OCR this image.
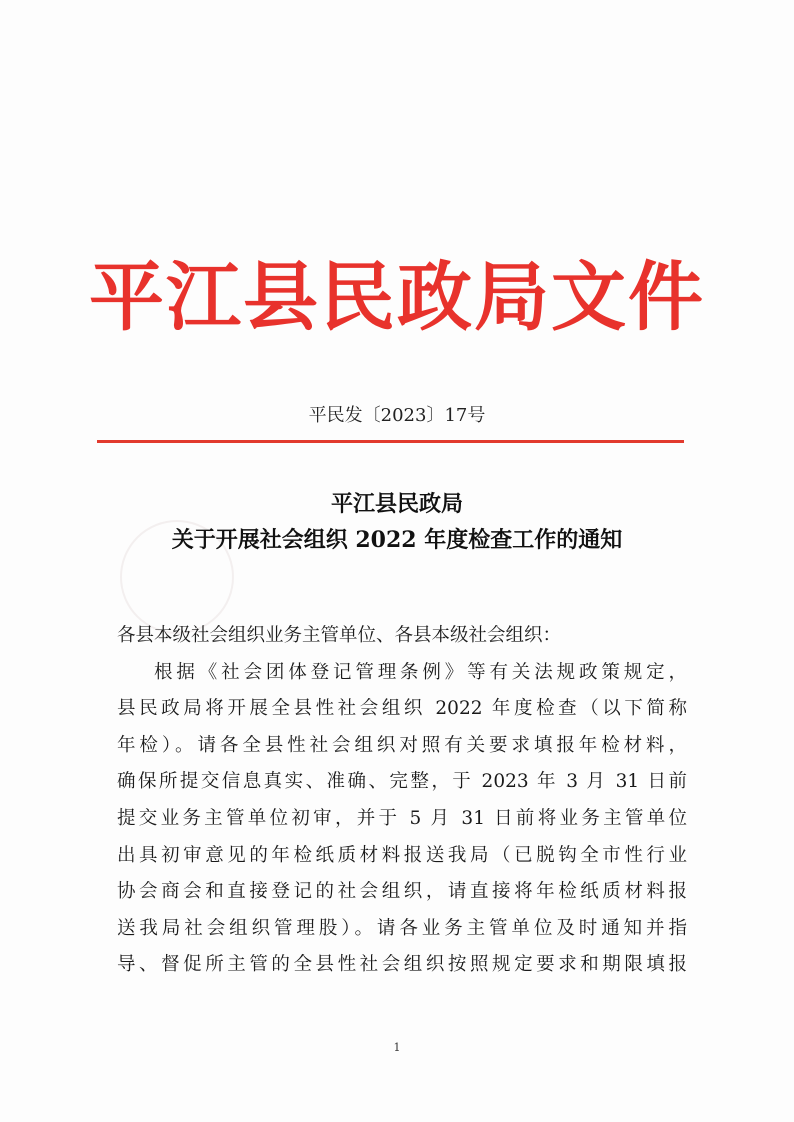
平江县民政局文件
平民发〔2023〕17号
平江县民政局
关于开展社会组织 2022 年度检查工作的通知

各县本级社会组织业务主管单位、各县本级社会组织：

根据《社会团体登记管理条例》等有关法规政策规定，

县民政局将开展全县性社会组织 2022 年度检查（以下简称

年检）。请各全县性社会组织对照有关要求填报年检材料，

确保所提交信息真实、准确、完整，于 2023 年 3 月 31 日前

提交业务主管单位初审，并于 5 月 31 日前将业务主管单位

出具初审意见的年检纸质材料报送我局（已脱钩全市性行业

协会商会和直接登记的社会组织，请直接将年检纸质材料报

送我局社会组织管理股）。请各业务主管单位及时通知并指

导、督促所主管的全县性社会组织按照规定要求和期限填报

1
